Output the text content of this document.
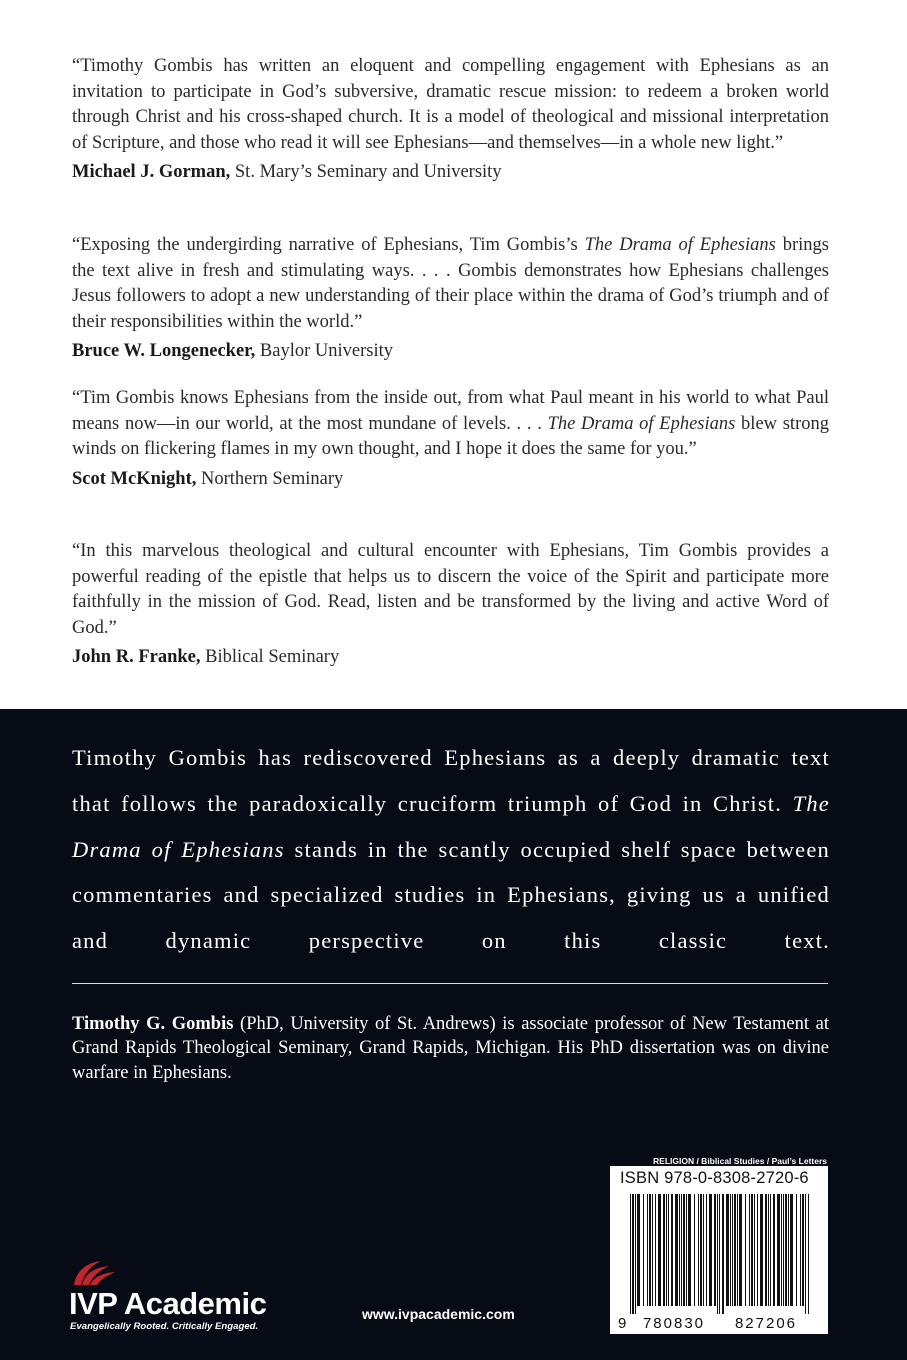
“Timothy Gombis has written an eloquent and compelling engagement with Ephesians as an invitation to participate in God’s subversive, dramatic rescue mission: to redeem a broken world through Christ and his cross-shaped church. It is a model of theological and missional interpretation of Scripture, and those who read it will see Ephesians—and themselves—in a whole new light.”

Michael J. Gorman, St. Mary’s Seminary and University

“Exposing the undergirding narrative of Ephesians, Tim Gombis’s The Drama of Ephesians brings the text alive in fresh and stimulating ways. . . . Gombis demonstrates how Ephesians challenges Jesus followers to adopt a new understanding of their place within the drama of God’s triumph and of their responsibilities within the world.”

Bruce W. Longenecker, Baylor University

“Tim Gombis knows Ephesians from the inside out, from what Paul meant in his world to what Paul means now—in our world, at the most mundane of levels. . . . The Drama of Ephesians blew strong winds on flickering flames in my own thought, and I hope it does the same for you.”

Scot McKnight, Northern Seminary

“In this marvelous theological and cultural encounter with Ephesians, Tim Gombis provides a powerful reading of the epistle that helps us to discern the voice of the Spirit and participate more faithfully in the mission of God. Read, listen and be transformed by the living and active Word of God.”

John R. Franke, Biblical Seminary

Timothy Gombis has rediscovered Ephesians as a deeply dramatic text that follows the paradoxically cruciform triumph of God in Christ. The Drama of Ephesians stands in the scantly occupied shelf space between commentaries and specialized studies in Ephesians, giving us a unified and dynamic perspective on this classic text.

Timothy G. Gombis (PhD, University of St. Andrews) is associate professor of New Testament at Grand Rapids Theological Seminary, Grand Rapids, Michigan. His PhD dissertation was on divine warfare in Ephesians.

RELIGION / Biblical Studies / Paul’s Letters
9 780830 827206
ISBN 978-0-8308-2720-6
IVP Academic
Evangelically Rooted. Critically Engaged.
www.ivpacademic.com
